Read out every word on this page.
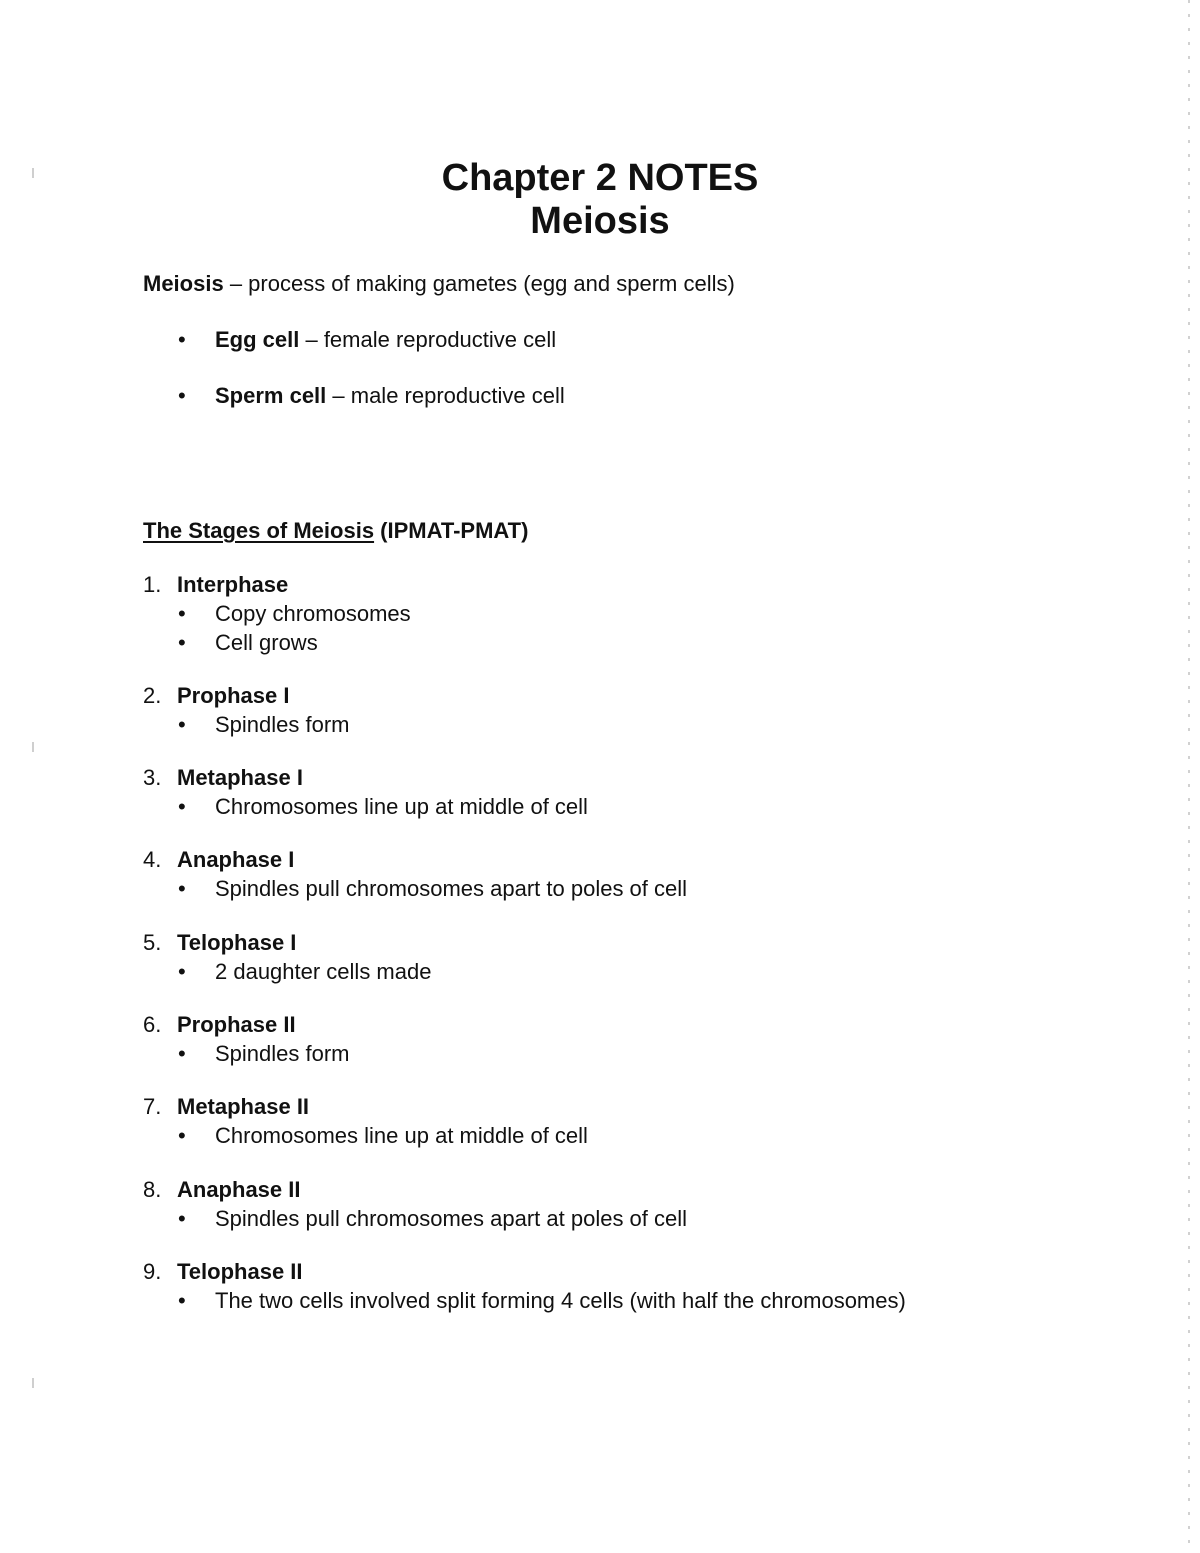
Chapter 2 NOTES
Meiosis
Meiosis – process of making gametes (egg and sperm cells)
• Egg cell – female reproductive cell
• Sperm cell – male reproductive cell
The Stages of Meiosis (IPMAT-PMAT)
1. Interphase
• Copy chromosomes
• Cell grows
2. Prophase I
• Spindles form
3. Metaphase I
• Chromosomes line up at middle of cell
4. Anaphase I
• Spindles pull chromosomes apart to poles of cell
5. Telophase I
• 2 daughter cells made
6. Prophase II
• Spindles form
7. Metaphase II
• Chromosomes line up at middle of cell
8. Anaphase II
• Spindles pull chromosomes apart at poles of cell
9. Telophase II
• The two cells involved split forming 4 cells (with half the chromosomes)
